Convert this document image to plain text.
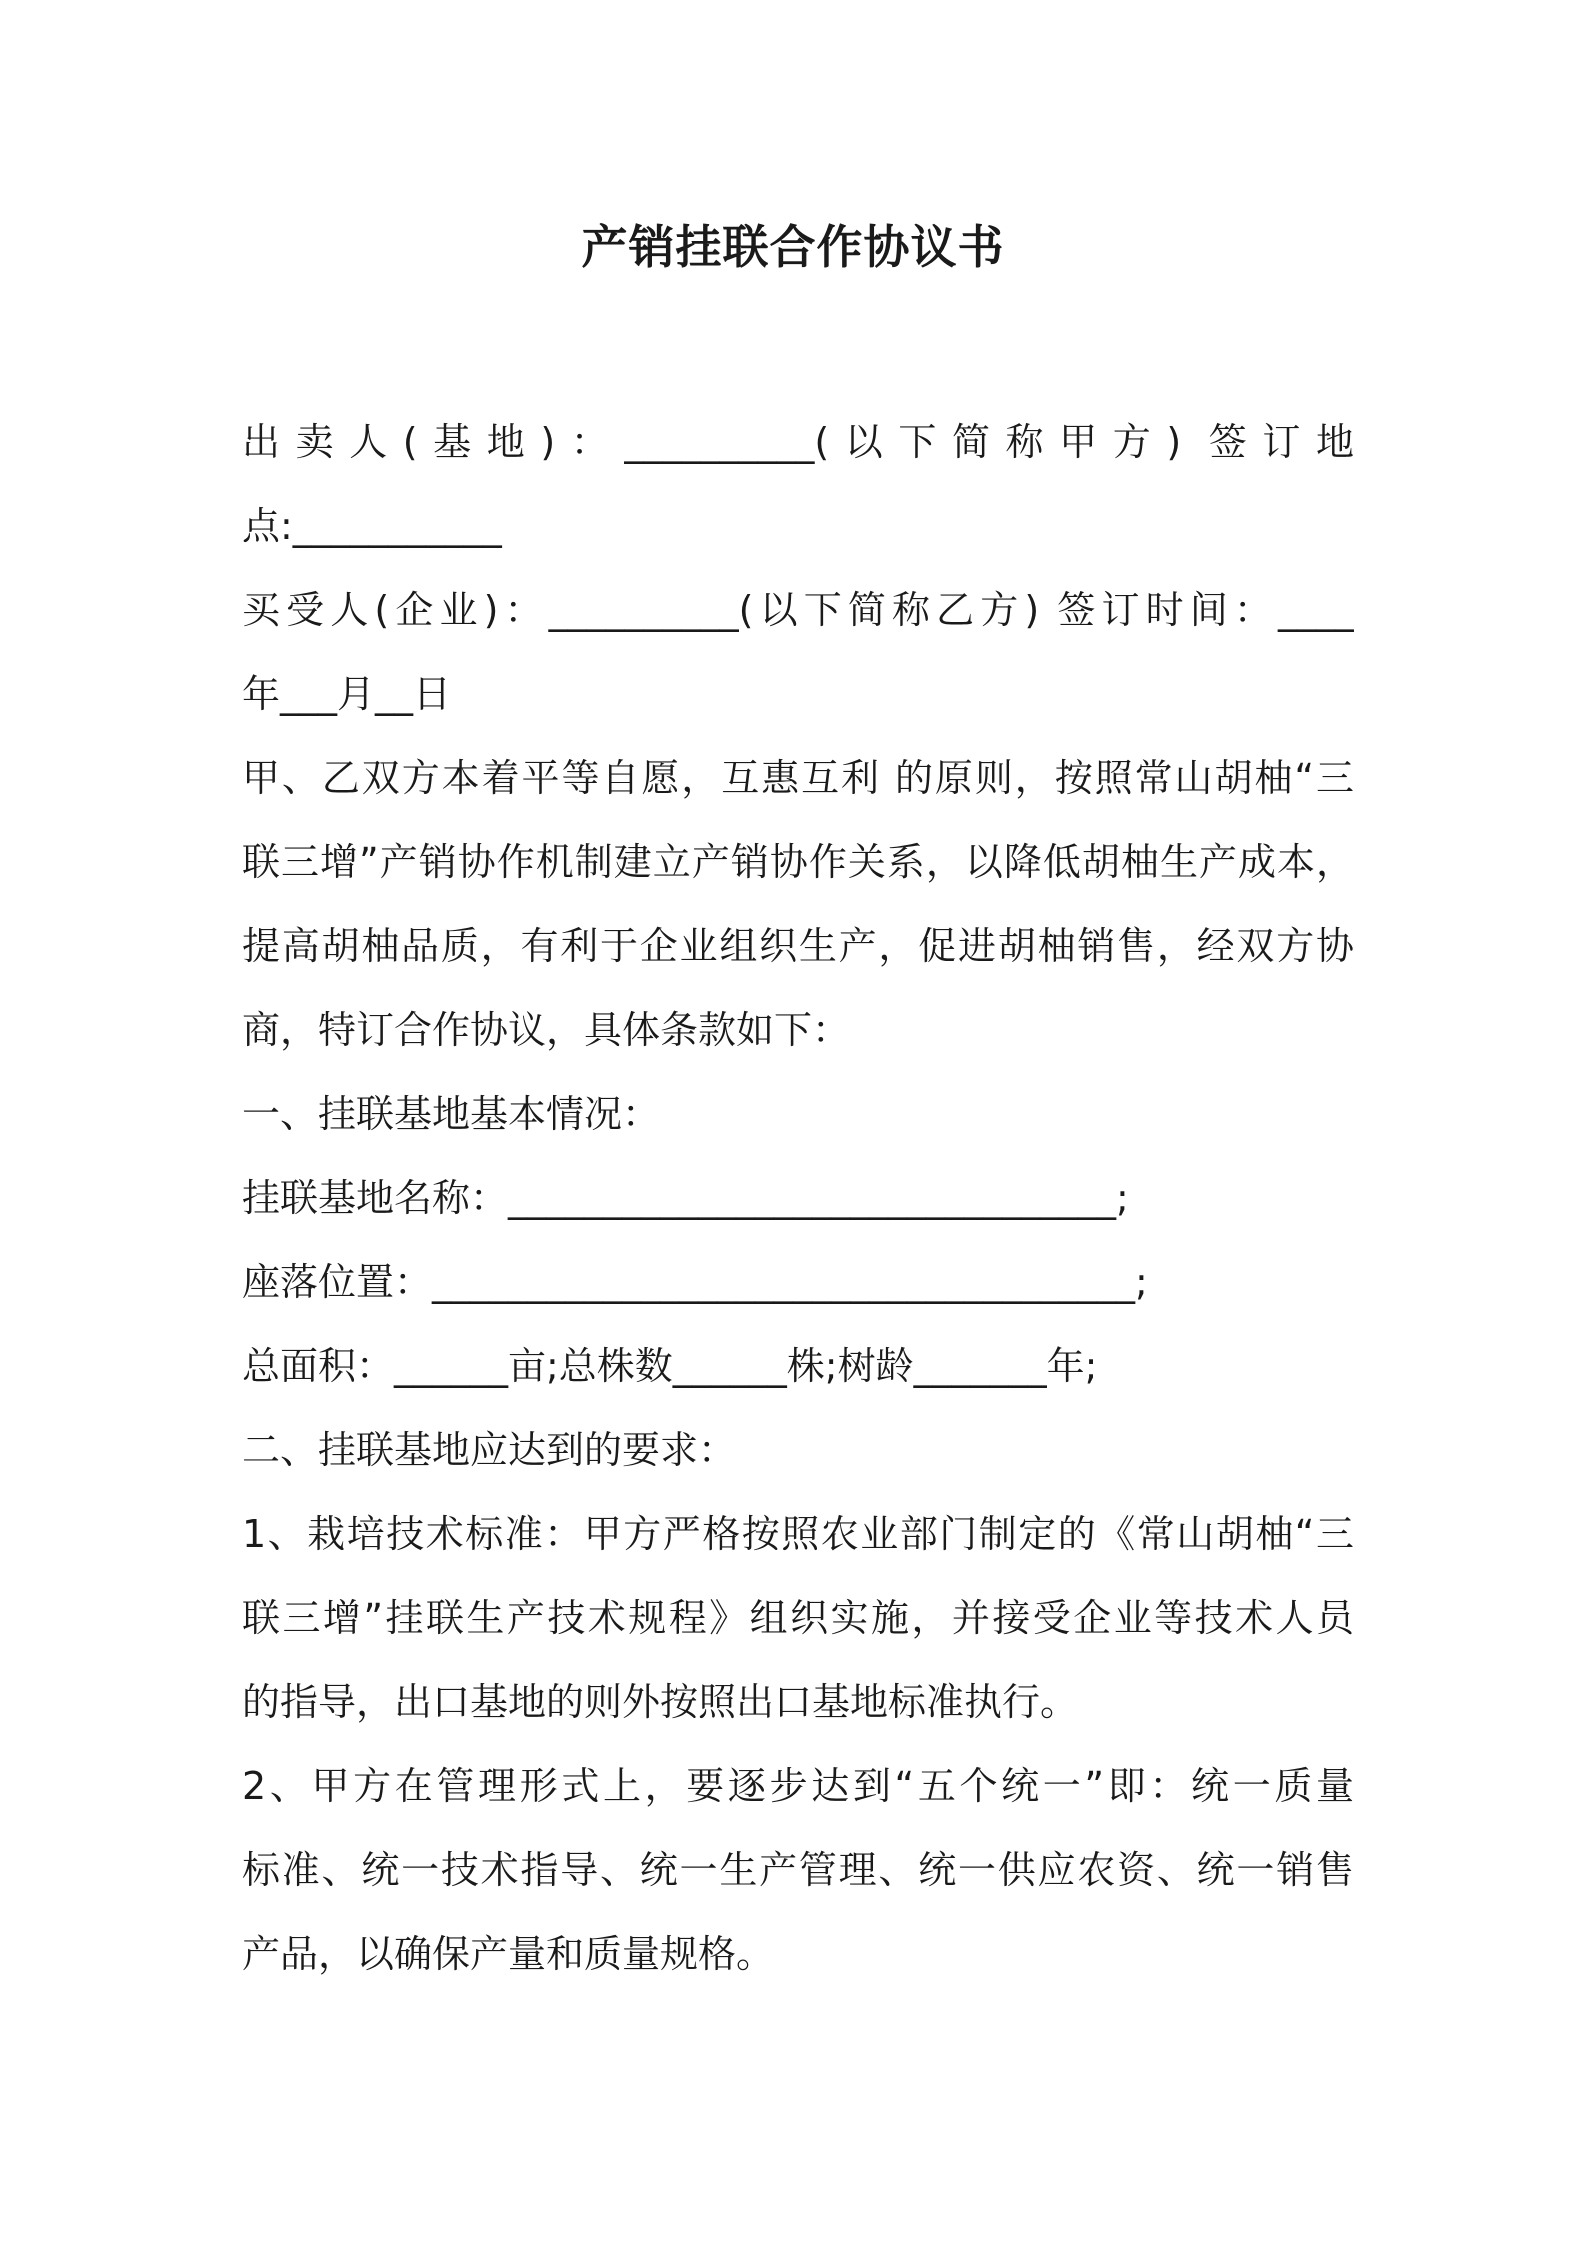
产销挂联合作协议书
出卖人(基地)：__________(以下简称甲方) 签订地
点:___________
买受人(企业)：__________(以下简称乙方) 签订时间：____
年___月__日
甲、乙双方本着平等自愿，互惠互利 的原则，按照常山胡柚“三
联三增”产销协作机制建立产销协作关系，以降低胡柚生产成本，
提高胡柚品质，有利于企业组织生产，促进胡柚销售，经双方协
商，特订合作协议，具体条款如下：
一、挂联基地基本情况：
挂联基地名称：________________________________;
座落位置：_____________________________________;
总面积：______亩;总株数______株;树龄_______年;
二、挂联基地应达到的要求：
1、栽培技术标准：甲方严格按照农业部门制定的《常山胡柚“三
联三增”挂联生产技术规程》组织实施，并接受企业等技术人员
的指导，出口基地的则外按照出口基地标准执行。
2、甲方在管理形式上，要逐步达到“五个统一”即：统一质量
标准、统一技术指导、统一生产管理、统一供应农资、统一销售
产品，以确保产量和质量规格。
